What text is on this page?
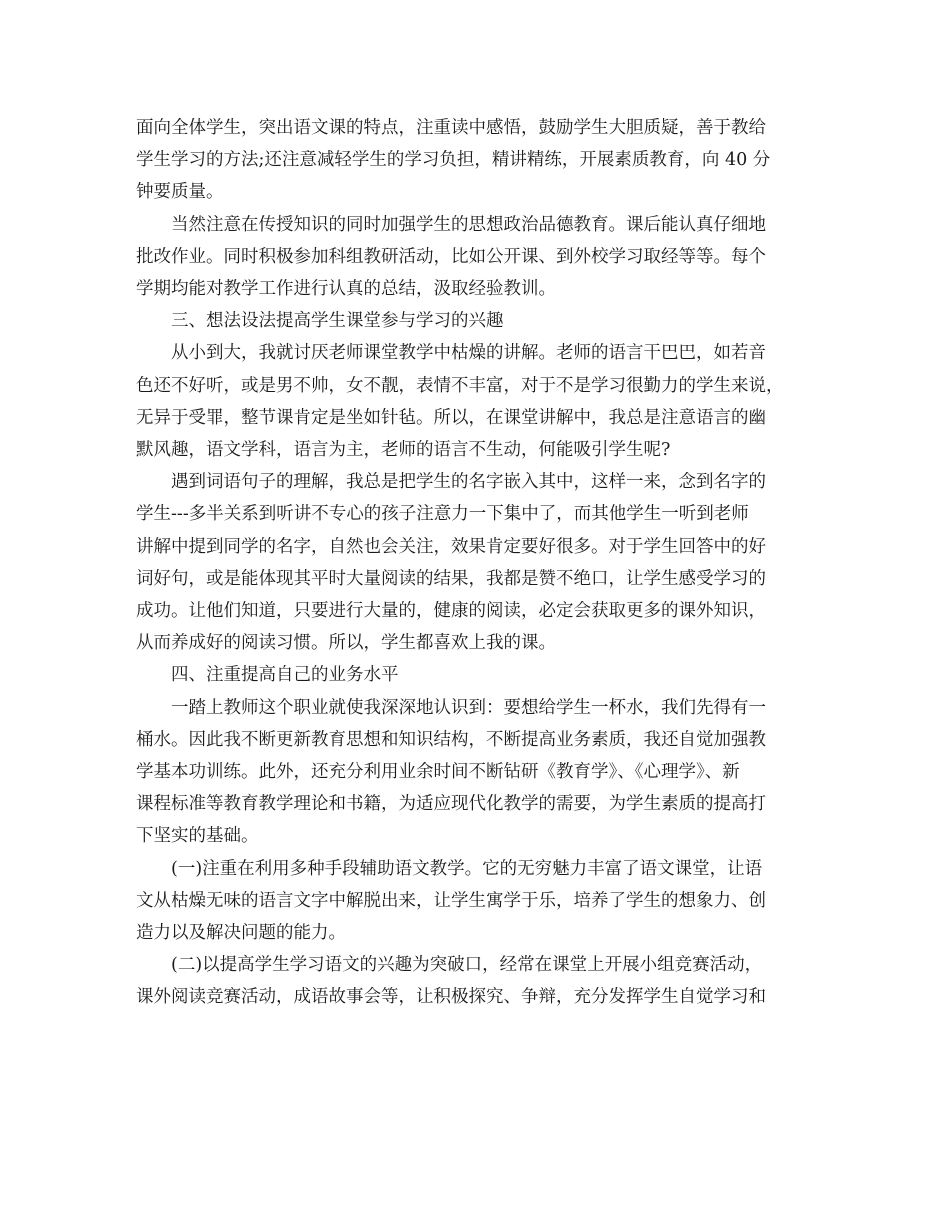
面向全体学生，突出语文课的特点，注重读中感悟，鼓励学生大胆质疑，善于教给
学生学习的方法;还注意减轻学生的学习负担，精讲精练，开展素质教育，向 40 分
钟要质量。
当然注意在传授知识的同时加强学生的思想政治品德教育。课后能认真仔细地
批改作业。同时积极参加科组教研活动，比如公开课、到外校学习取经等等。每个
学期均能对教学工作进行认真的总结，汲取经验教训。
三、想法设法提高学生课堂参与学习的兴趣
从小到大，我就讨厌老师课堂教学中枯燥的讲解。老师的语言干巴巴，如若音
色还不好听，或是男不帅，女不靓，表情不丰富，对于不是学习很勤力的学生来说，
无异于受罪，整节课肯定是坐如针毡。所以，在课堂讲解中，我总是注意语言的幽
默风趣，语文学科，语言为主，老师的语言不生动，何能吸引学生呢?
遇到词语句子的理解，我总是把学生的名字嵌入其中，这样一来，念到名字的
学生---多半关系到听讲不专心的孩子注意力一下集中了，而其他学生一听到老师
讲解中提到同学的名字，自然也会关注，效果肯定要好很多。对于学生回答中的好
词好句，或是能体现其平时大量阅读的结果，我都是赞不绝口，让学生感受学习的
成功。让他们知道，只要进行大量的，健康的阅读，必定会获取更多的课外知识，
从而养成好的阅读习惯。所以，学生都喜欢上我的课。
四、注重提高自己的业务水平
一踏上教师这个职业就使我深深地认识到：要想给学生一杯水，我们先得有一
桶水。因此我不断更新教育思想和知识结构，不断提高业务素质，我还自觉加强教
学基本功训练。此外，还充分利用业余时间不断钻研《教育学》、《心理学》、新
课程标准等教育教学理论和书籍，为适应现代化教学的需要，为学生素质的提高打
下坚实的基础。
(一)注重在利用多种手段辅助语文教学。它的无穷魅力丰富了语文课堂，让语
文从枯燥无味的语言文字中解脱出来，让学生寓学于乐，培养了学生的想象力、创
造力以及解决问题的能力。
(二)以提高学生学习语文的兴趣为突破口，经常在课堂上开展小组竞赛活动，
课外阅读竞赛活动，成语故事会等，让积极探究、争辩，充分发挥学生自觉学习和
